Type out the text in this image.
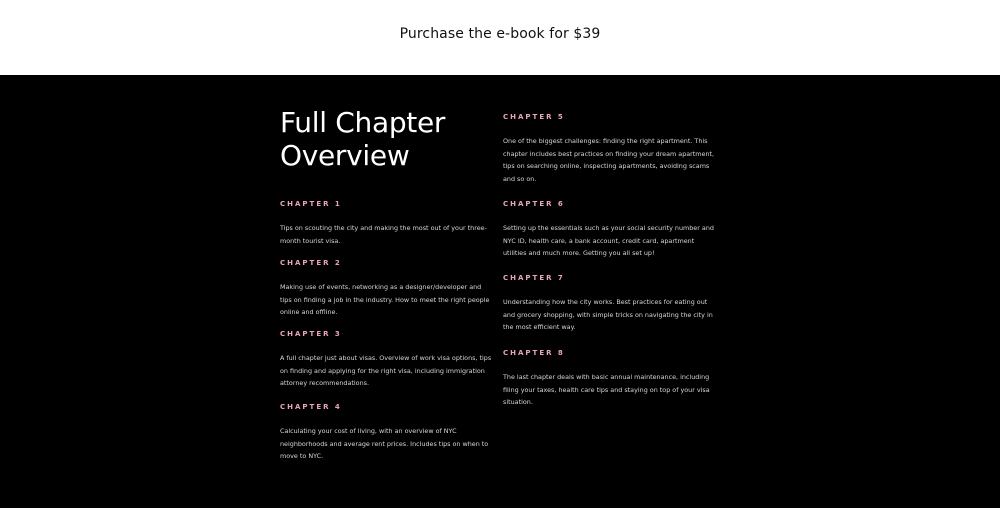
Purchase the e-book for $39
Full Chapter
Overview

CHAPTER 1

Tips on scouting the city and making the most out of your three-month tourist visa.

CHAPTER 2

Making use of events, networking as a designer/developer and tips on finding a job in the industry. How to meet the right people online and offline.

CHAPTER 3

A full chapter just about visas. Overview of work visa options, tips on finding and applying for the right visa, including immigration attorney recommendations.

CHAPTER 4

Calculating your cost of living, with an overview of NYC neighborhoods and average rent prices. Includes tips on when to move to NYC.

CHAPTER 5

One of the biggest challenges: finding the right apartment. This chapter includes best practices on finding your dream apartment, tips on searching online, inspecting apartments, avoiding scams and so on.

CHAPTER 6

Setting up the essentials such as your social security number and NYC ID, health care, a bank account, credit card, apartment utilities and much more. Getting you all set up!

CHAPTER 7

Understanding how the city works. Best practices for eating out and grocery shopping, with simple tricks on navigating the city in the most efficient way.

CHAPTER 8

The last chapter deals with basic annual maintenance, including filing your taxes, health care tips and staying on top of your visa situation.
